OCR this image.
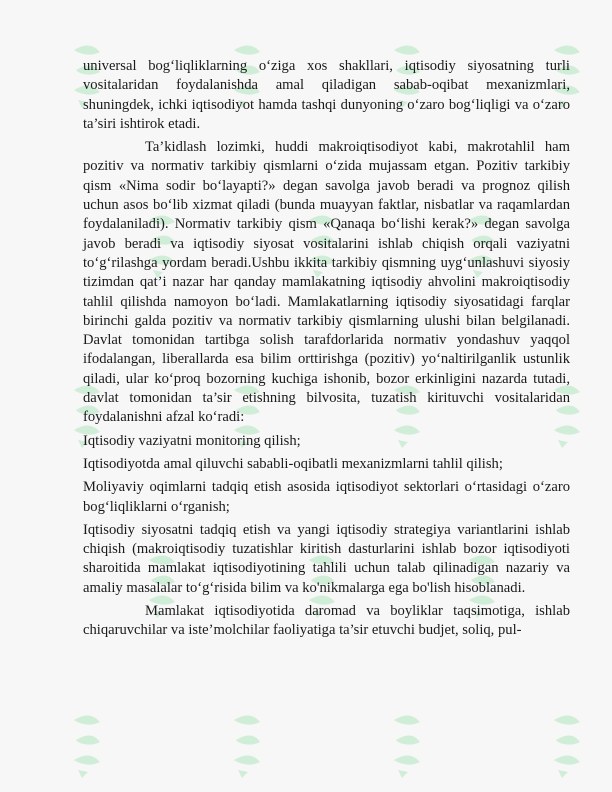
universal bog‘liqliklarning o‘ziga xos shakllari, iqtisodiy siyosatning turli vositalaridan foydalanishda amal qiladigan sabab-oqibat mexanizmlari, shuningdek, ichki iqtisodiyot hamda tashqi dunyoning o‘zaro bog‘liqligi va o‘zaro ta’siri ishtirok etadi.

Ta’kidlash lozimki, huddi makroiqtisodiyot kabi, makrotahlil ham pozitiv va normativ tarkibiy qismlarni o‘zida mujassam etgan. Pozitiv tarkibiy qism «Nima sodir bo‘layapti?» degan savolga javob beradi va prognoz qilish uchun asos bo‘lib xizmat qiladi (bunda muayyan faktlar, nisbatlar va raqamlardan foydalaniladi). Normativ tarkibiy qism «Qanaqa bo‘lishi kerak?» degan savolga javob beradi va iqtisodiy siyosat vositalarini ishlab chiqish orqali vaziyatni to‘g‘rilashga yordam beradi.Ushbu ikkita tarkibiy qismning uyg‘unlashuvi siyosiy tizimdan qat’i nazar har qanday mamlakatning iqtisodiy ahvolini makroiqtisodiy tahlil qilishda namoyon bo‘ladi. Mamlakatlarning iqtisodiy siyosatidagi farqlar birinchi galda pozitiv va normativ tarkibiy qismlarning ulushi bilan belgilanadi. Davlat tomonidan tartibga solish tarafdorlarida normativ yondashuv yaqqol ifodalangan, liberallarda esa bilim orttirishga (pozitiv) yo‘naltirilganlik ustunlik qiladi, ular ko‘proq bozorning kuchiga ishonib, bozor erkinligini nazarda tutadi, davlat tomonidan ta’sir etishning bilvosita, tuzatish kirituvchi vositalaridan foydalanishni afzal ko‘radi:

Iqtisodiy vaziyatni monitoring qilish;

Iqtisodiyotda amal qiluvchi sababli-oqibatli mexanizmlarni tahlil qilish;

Moliyaviy oqimlarni tadqiq etish asosida iqtisodiyot sektorlari o‘rtasidagi o‘zaro bog‘liqliklarni o‘rganish;

Iqtisodiy siyosatni tadqiq etish va yangi iqtisodiy strategiya variantlarini ishlab chiqish (makroiqtisodiy tuzatishlar kiritish dasturlarini ishlab bozor iqtisodiyoti sharoitida mamlakat iqtisodiyotining tahlili uchun talab qilinadigan nazariy va amaliy masalalar to‘g‘risida bilim va ko'nikmalarga ega bo'lish hisoblanadi.

Mamlakat iqtisodiyotida daromad va boyliklar taqsimotiga, ishlab chiqaruvchilar va iste’molchilar faoliyatiga ta’sir etuvchi budjet, soliq, pul-
